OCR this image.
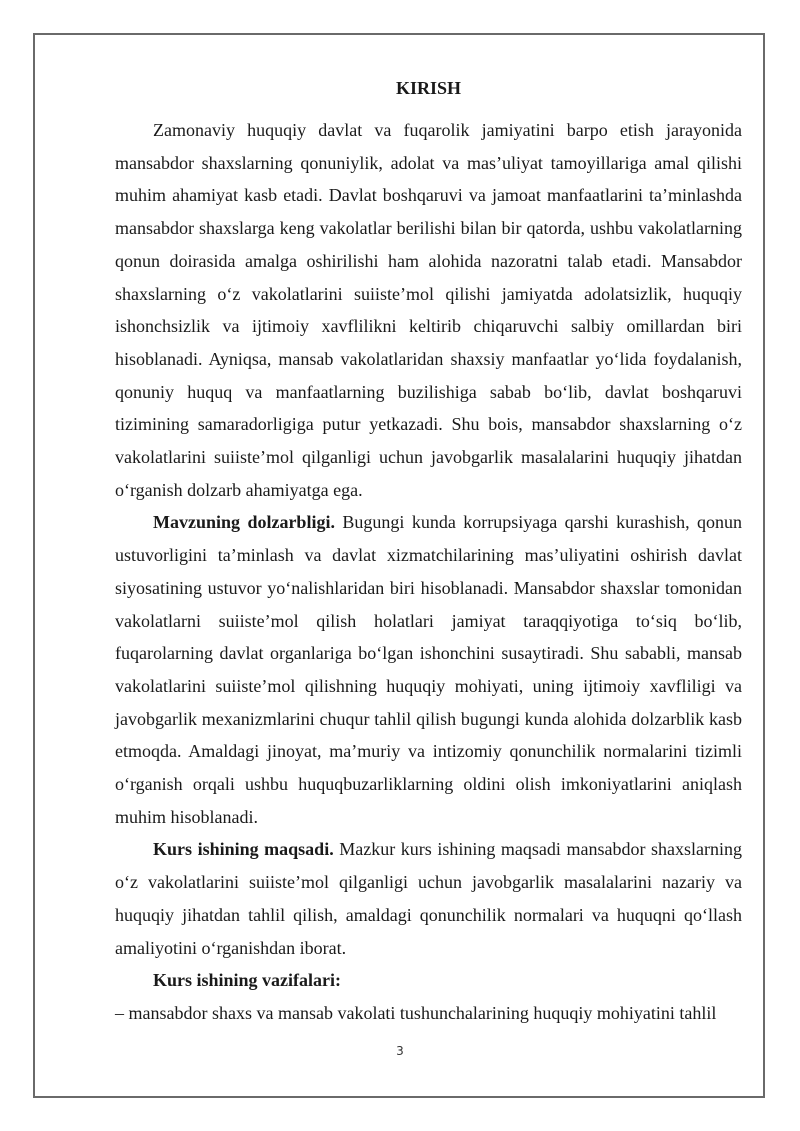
KIRISH

Zamonaviy huquqiy davlat va fuqarolik jamiyatini barpo etish jarayonida mansabdor shaxslarning qonuniylik, adolat va mas’uliyat tamoyillariga amal qilishi muhim ahamiyat kasb etadi. Davlat boshqaruvi va jamoat manfaatlarini ta’minlashda mansabdor shaxslarga keng vakolatlar berilishi bilan bir qatorda, ushbu vakolatlarning qonun doirasida amalga oshirilishi ham alohida nazoratni talab etadi. Mansabdor shaxslarning o‘z vakolatlarini suiiste’mol qilishi jamiyatda adolatsizlik, huquqiy ishonchsizlik va ijtimoiy xavflilikni keltirib chiqaruvchi salbiy omillardan biri hisoblanadi. Ayniqsa, mansab vakolatlaridan shaxsiy manfaatlar yo‘lida foydalanish, qonuniy huquq va manfaatlarning buzilishiga sabab bo‘lib, davlat boshqaruvi tizimining samaradorligiga putur yetkazadi. Shu bois, mansabdor shaxslarning o‘z vakolatlarini suiiste’mol qilganligi uchun javobgarlik masalalarini huquqiy jihatdan o‘rganish dolzarb ahamiyatga ega.

Mavzuning dolzarbligi. Bugungi kunda korrupsiyaga qarshi kurashish, qonun ustuvorligini ta’minlash va davlat xizmatchilarining mas’uliyatini oshirish davlat siyosatining ustuvor yo‘nalishlaridan biri hisoblanadi. Mansabdor shaxslar tomonidan vakolatlarni suiiste’mol qilish holatlari jamiyat taraqqiyotiga to‘siq bo‘lib, fuqarolarning davlat organlariga bo‘lgan ishonchini susaytiradi. Shu sababli, mansab vakolatlarini suiiste’mol qilishning huquqiy mohiyati, uning ijtimoiy xavfliligi va javobgarlik mexanizmlarini chuqur tahlil qilish bugungi kunda alohida dolzarblik kasb etmoqda. Amaldagi jinoyat, ma’muriy va intizomiy qonunchilik normalarini tizimli o‘rganish orqali ushbu huquqbuzarliklarning oldini olish imkoniyatlarini aniqlash muhim hisoblanadi.

Kurs ishining maqsadi. Mazkur kurs ishining maqsadi mansabdor shaxslarning o‘z vakolatlarini suiiste’mol qilganligi uchun javobgarlik masalalarini nazariy va huquqiy jihatdan tahlil qilish, amaldagi qonunchilik normalari va huquqni qo‘llash amaliyotini o‘rganishdan iborat.

Kurs ishining vazifalari:

– mansabdor shaxs va mansab vakolati tushunchalarining huquqiy mohiyatini tahlil

3
